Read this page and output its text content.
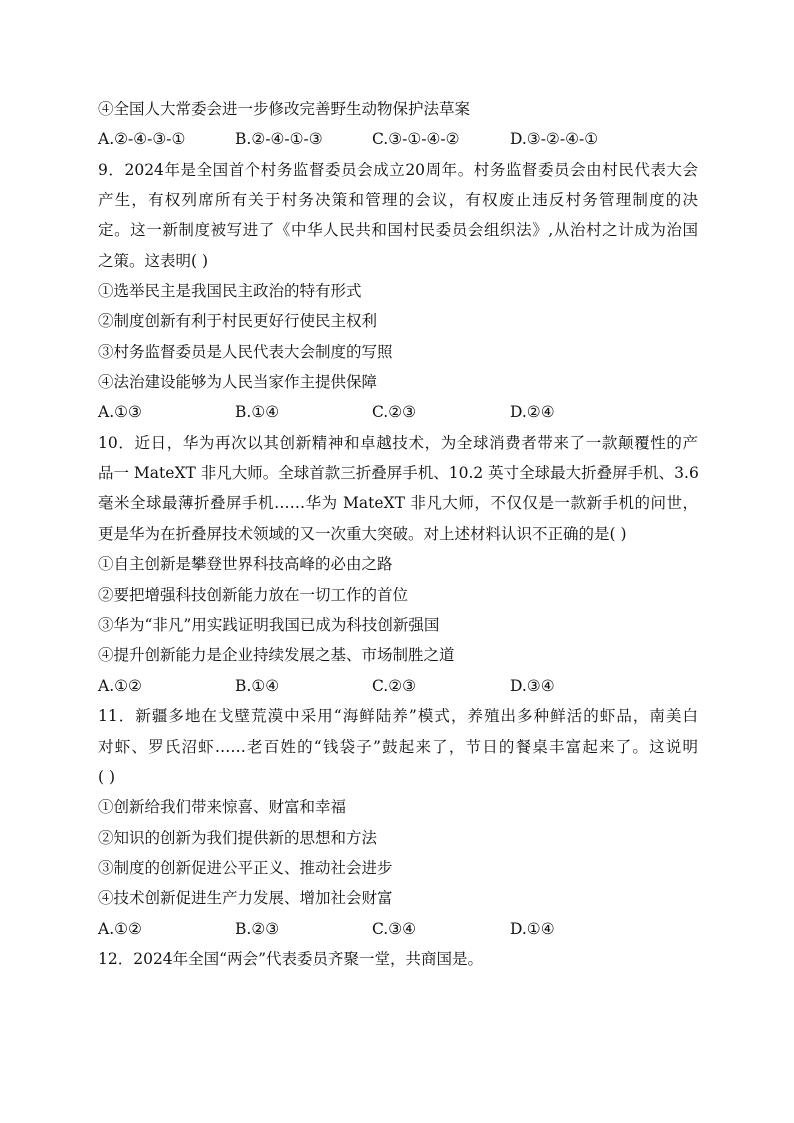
④全国人大常委会进一步修改完善野生动物保护法草案
A.②-④-③-①	B.②-④-①-③	C.③-①-④-②	D.③-②-④-①
9．2024年是全国首个村务监督委员会成立20周年。村务监督委员会由村民代表大会
产生，有权列席所有关于村务决策和管理的会议，有权废止违反村务管理制度的决
定。这一新制度被写进了《中华人民共和国村民委员会组织法》,从治村之计成为治国
之策。这表明( )
①选举民主是我国民主政治的特有形式
②制度创新有利于村民更好行使民主权利
③村务监督委员是人民代表大会制度的写照
④法治建设能够为人民当家作主提供保障
A.①③	B.①④	C.②③	D.②④
10．近日，华为再次以其创新精神和卓越技术，为全球消费者带来了一款颠覆性的产
品一 MateXT 非凡大师。全球首款三折叠屏手机、10.2 英寸全球最大折叠屏手机、3.6
毫米全球最薄折叠屏手机……华为 MateXT 非凡大师，不仅仅是一款新手机的问世，
更是华为在折叠屏技术领域的又一次重大突破。对上述材料认识不正确的是( )
①自主创新是攀登世界科技高峰的必由之路
②要把增强科技创新能力放在一切工作的首位
③华为“非凡”用实践证明我国已成为科技创新强国
④提升创新能力是企业持续发展之基、市场制胜之道
A.①②	B.①④	C.②③	D.③④
11．新疆多地在戈壁荒漠中采用“海鲜陆养”模式，养殖出多种鲜活的虾品，南美白
对虾、罗氏沼虾……老百姓的“钱袋子”鼓起来了，节日的餐桌丰富起来了。这说明
( )
①创新给我们带来惊喜、财富和幸福
②知识的创新为我们提供新的思想和方法
③制度的创新促进公平正义、推动社会进步
④技术创新促进生产力发展、增加社会财富
A.①②	B.②③	C.③④	D.①④
12．2024年全国“两会”代表委员齐聚一堂，共商国是。
